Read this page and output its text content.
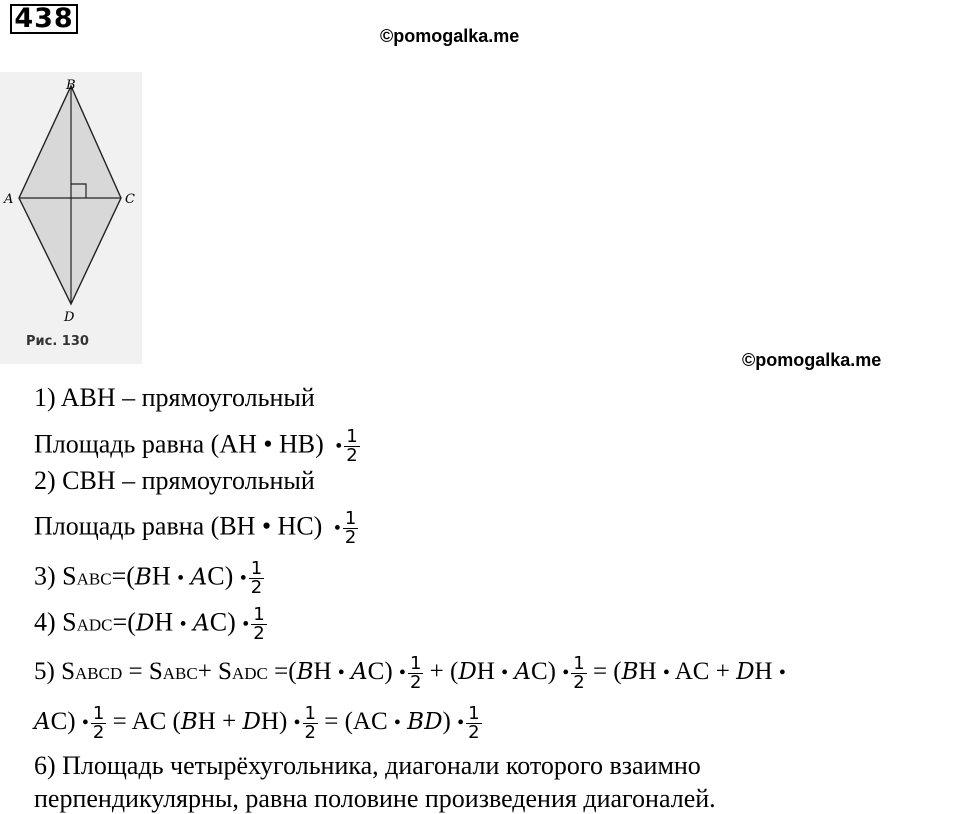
438
©pomogalka.me
©pomogalka.me
B
A	C
D
Рис. 130
1) ABH – прямоугольный
Площадь равна (AH • HB)  • $\frac{1}{2}$
2) CBH – прямоугольный
Площадь равна (BH • HC)  • $\frac{1}{2}$
3) SABC=(BH • AC) • $\frac{1}{2}$
4) SADC=(DH • AC) • $\frac{1}{2}$
5) SABCD = SABC+ SADC =(BH • AC) • $\frac{1}{2} + (DH$ • AC) • $\frac{1}{2} = (BH$ • AC + DH •
AC) • $\frac{1}{2}$ = AC (BH + DH) • $\frac{1}{2} = (AC$ • BD) • $\frac{1}{2}$
6) Площадь четырёхугольника, диагонали которого взаимно
перпендикулярны, равна половине произведения диагоналей.
